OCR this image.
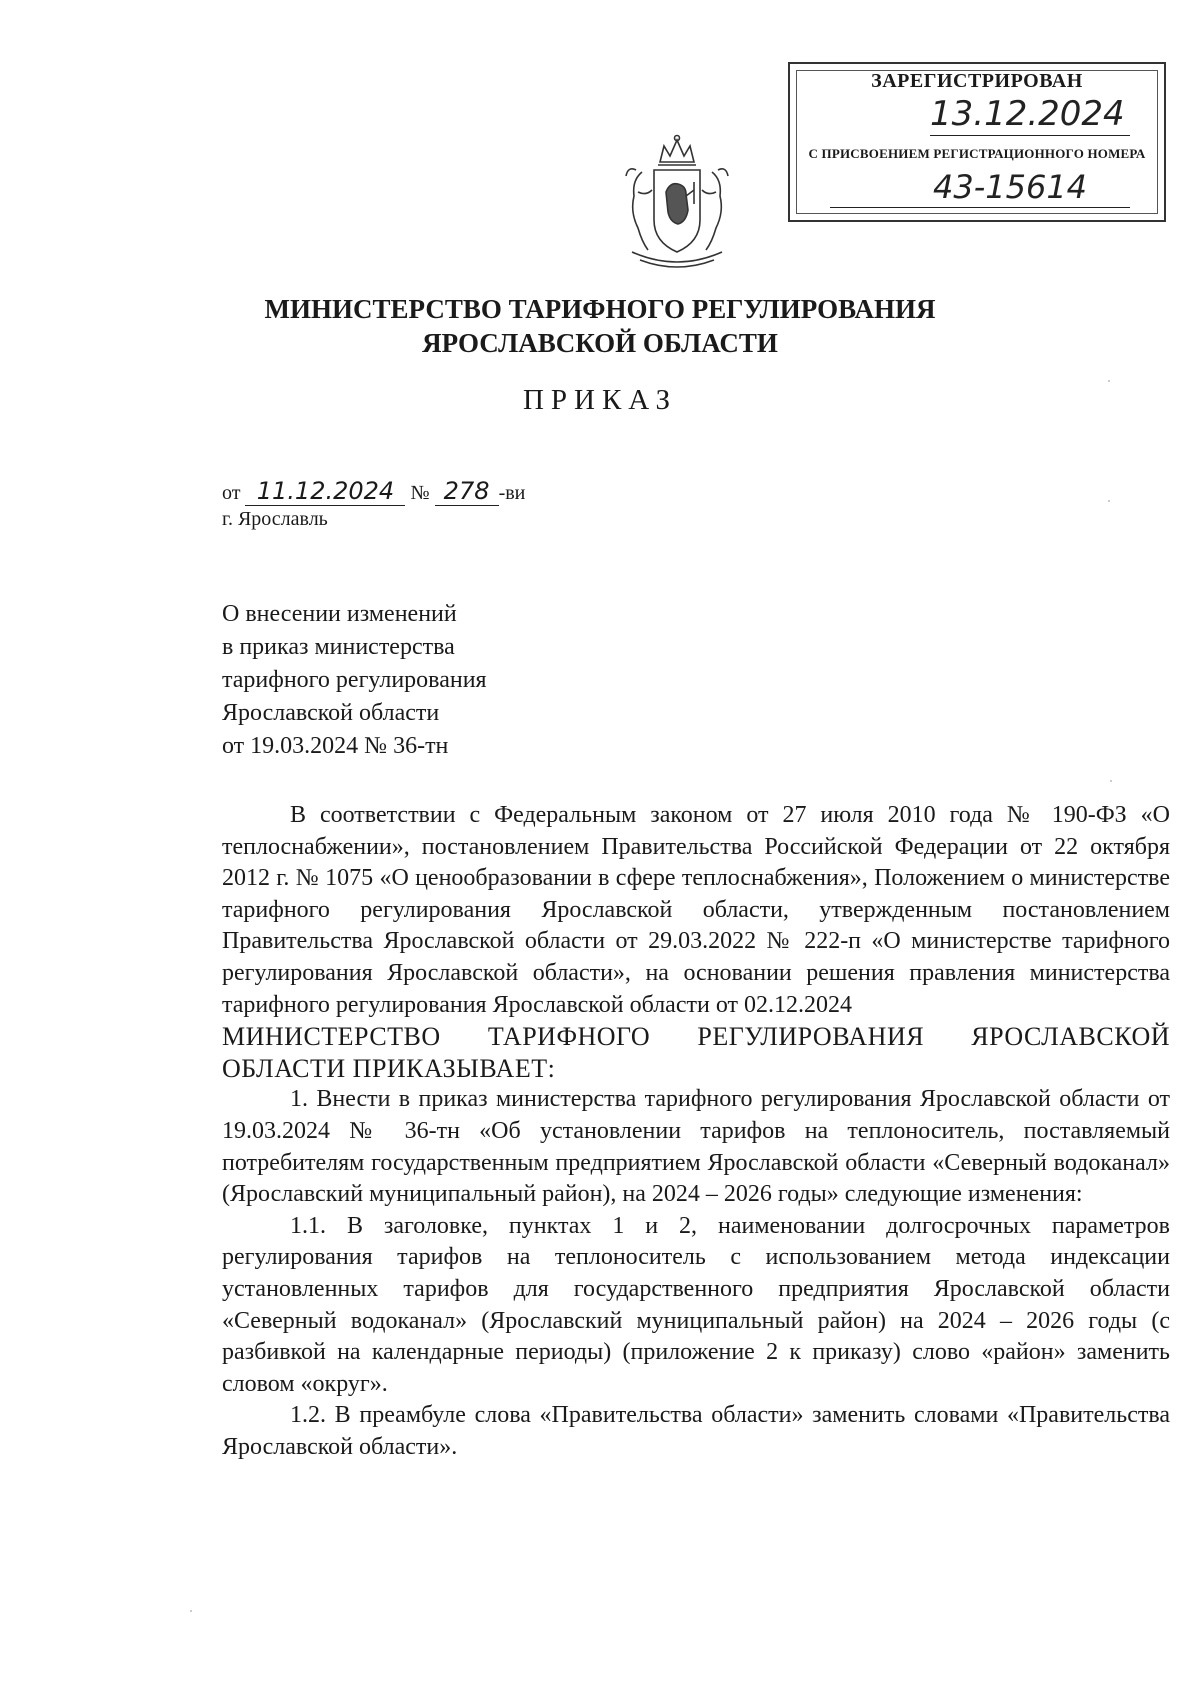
ЗАРЕГИСТРИРОВАН
13.12.2024
С ПРИСВОЕНИЕМ РЕГИСТРАЦИОННОГО НОМЕРА
43-15614
МИНИСТЕРСТВО ТАРИФНОГО РЕГУЛИРОВАНИЯ
ЯРОСЛАВСКОЙ ОБЛАСТИ
ПРИКАЗ
от 11.12.2024 № 278 -ви
г. Ярославль
О внесении изменений
в приказ министерства
тарифного регулирования
Ярославской области
от 19.03.2024 № 36-тн

В соответствии с Федеральным законом от 27 июля 2010 года № 190-ФЗ «О теплоснабжении», постановлением Правительства Российской Федерации от 22 октября 2012 г. № 1075 «О ценообразовании в сфере теплоснабжения», Положением о министерстве тарифного регулирования Ярославской области, утвержденным постановлением Правительства Ярославской области от 29.03.2022 № 222-п «О министерстве тарифного регулирования Ярославской области», на основании решения правления министерства тарифного регулирования Ярославской области от 02.12.2024

МИНИСТЕРСТВО ТАРИФНОГО РЕГУЛИРОВАНИЯ ЯРОСЛАВСКОЙ ОБЛАСТИ ПРИКАЗЫВАЕТ:

1. Внести в приказ министерства тарифного регулирования Ярославской области от 19.03.2024 № 36-тн «Об установлении тарифов на теплоноситель, поставляемый потребителям государственным предприятием Ярославской области «Северный водоканал» (Ярославский муниципальный район), на 2024 – 2026 годы» следующие изменения:

1.1. В заголовке, пунктах 1 и 2, наименовании долгосрочных параметров регулирования тарифов на теплоноситель с использованием метода индексации установленных тарифов для государственного предприятия Ярославской области «Северный водоканал» (Ярославский муниципальный район) на 2024 – 2026 годы (с разбивкой на календарные периоды) (приложение 2 к приказу) слово «район» заменить словом «округ».

1.2. В преамбуле слова «Правительства области» заменить словами «Правительства Ярославской области».
